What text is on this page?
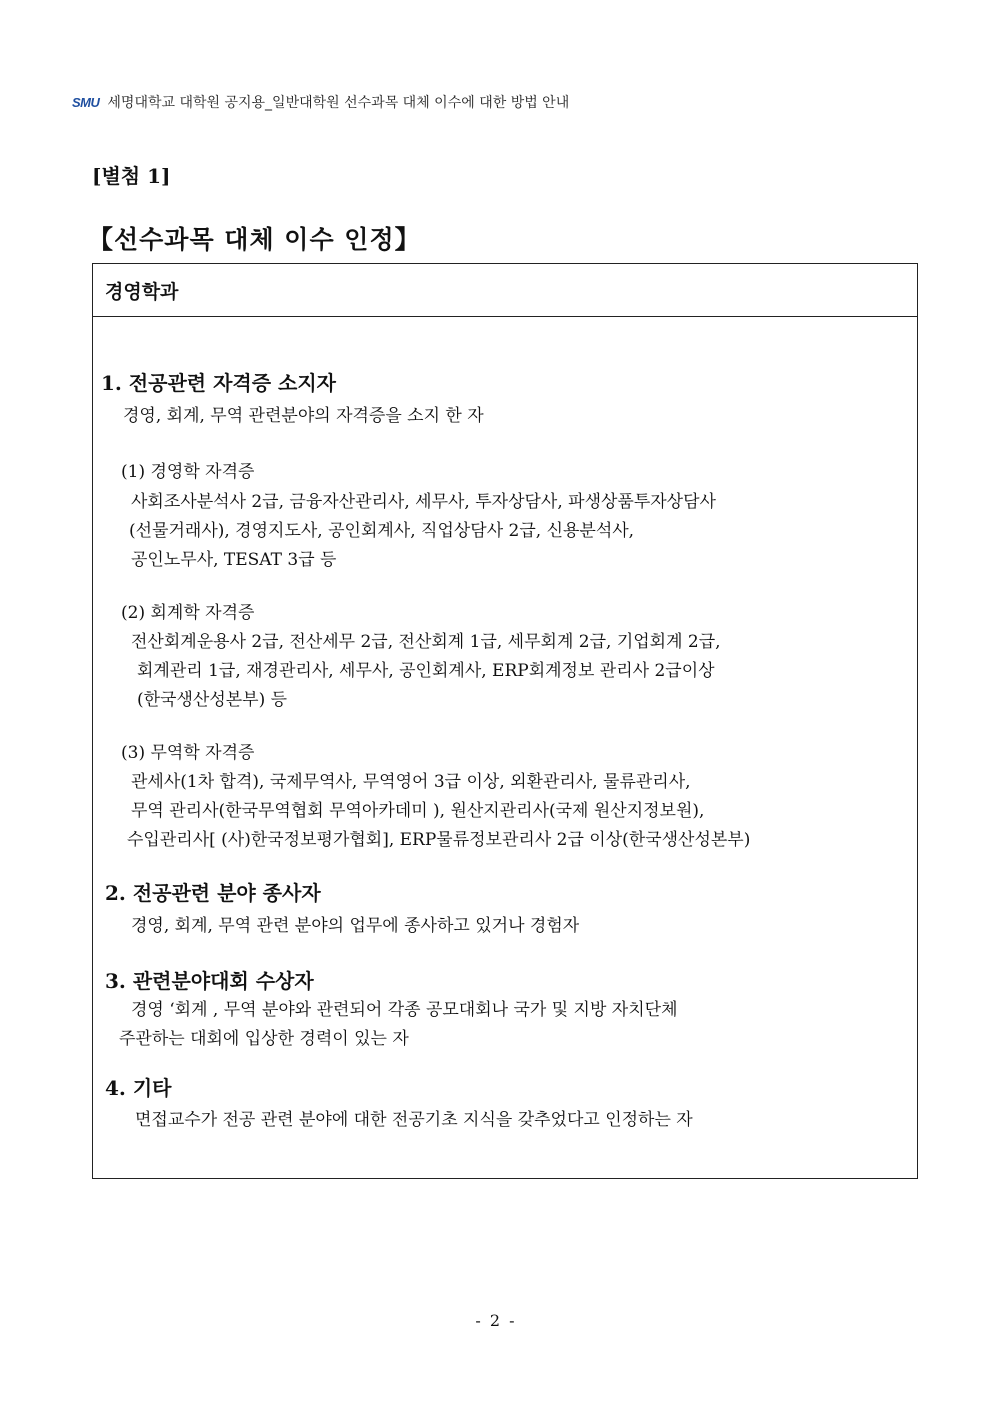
SMU 세명대학교 대학원 공지용_일반대학원 선수과목 대체 이수에 대한 방법 안내
[별첨 1]
【선수과목 대체 이수 인정】
경영학과
1. 전공관련 자격증 소지자
경영, 회계, 무역 관련분야의 자격증을 소지 한 자
(1) 경영학 자격증
사회조사분석사 2급, 금융자산관리사, 세무사, 투자상담사, 파생상품투자상담사
(선물거래사), 경영지도사, 공인회계사, 직업상담사 2급, 신용분석사,
공인노무사, TESAT 3급 등
(2) 회계학 자격증
전산회계운용사 2급, 전산세무 2급, 전산회계 1급, 세무회계 2급, 기업회계 2급,
회계관리 1급, 재경관리사, 세무사, 공인회계사, ERP회계정보 관리사 2급이상
(한국생산성본부) 등
(3) 무역학 자격증
관세사(1차 합격), 국제무역사, 무역영어 3급 이상, 외환관리사, 물류관리사,
무역 관리사(한국무역협회 무역아카데미 ), 원산지관리사(국제 원산지정보원),
수입관리사[ (사)한국정보평가협회], ERP물류정보관리사 2급 이상(한국생산성본부)
2. 전공관련 분야 종사자
경영, 회계, 무역 관련 분야의 업무에 종사하고 있거나 경험자
3. 관련분야대회 수상자
경영 ‘회계 , 무역 분야와 관련되어 각종 공모대회나 국가 및 지방 자치단체
주관하는 대회에 입상한 경력이 있는 자
4. 기타
면접교수가 전공 관련 분야에 대한 전공기초 지식을 갖추었다고 인정하는 자
- 2 -
